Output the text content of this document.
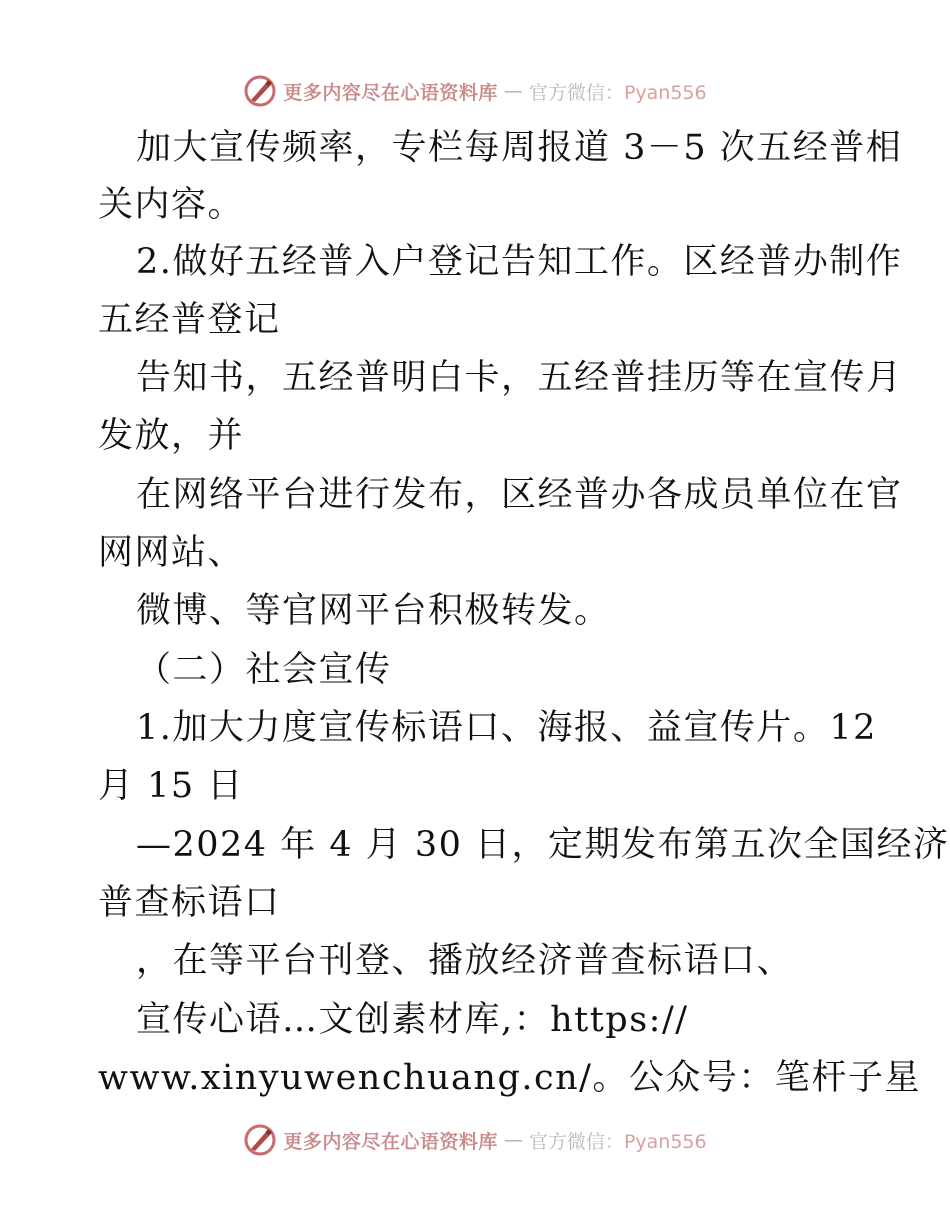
更多内容尽在心语资料库 — 官方微信：Pyan556
加大宣传频率，专栏每周报道 3－5 次五经普相
关内容。
2.做好五经普入户登记告知工作。区经普办制作
五经普登记
告知书，五经普明白卡，五经普挂历等在宣传月
发放，并
在网络平台进行发布，区经普办各成员单位在官
网网站、
微博、等官网平台积极转发。
（二）社会宣传
1.加大力度宣传标语口、海报、益宣传片。12
月 15 日
—2024 年 4 月 30 日，定期发布第五次全国经济
普查标语口
，在等平台刊登、播放经济普查标语口、
宣传心语…文创素材库,：https://
www.xinyuwenchuang.cn/。公众号：笔杆子星
更多内容尽在心语资料库 — 官方微信：Pyan556
